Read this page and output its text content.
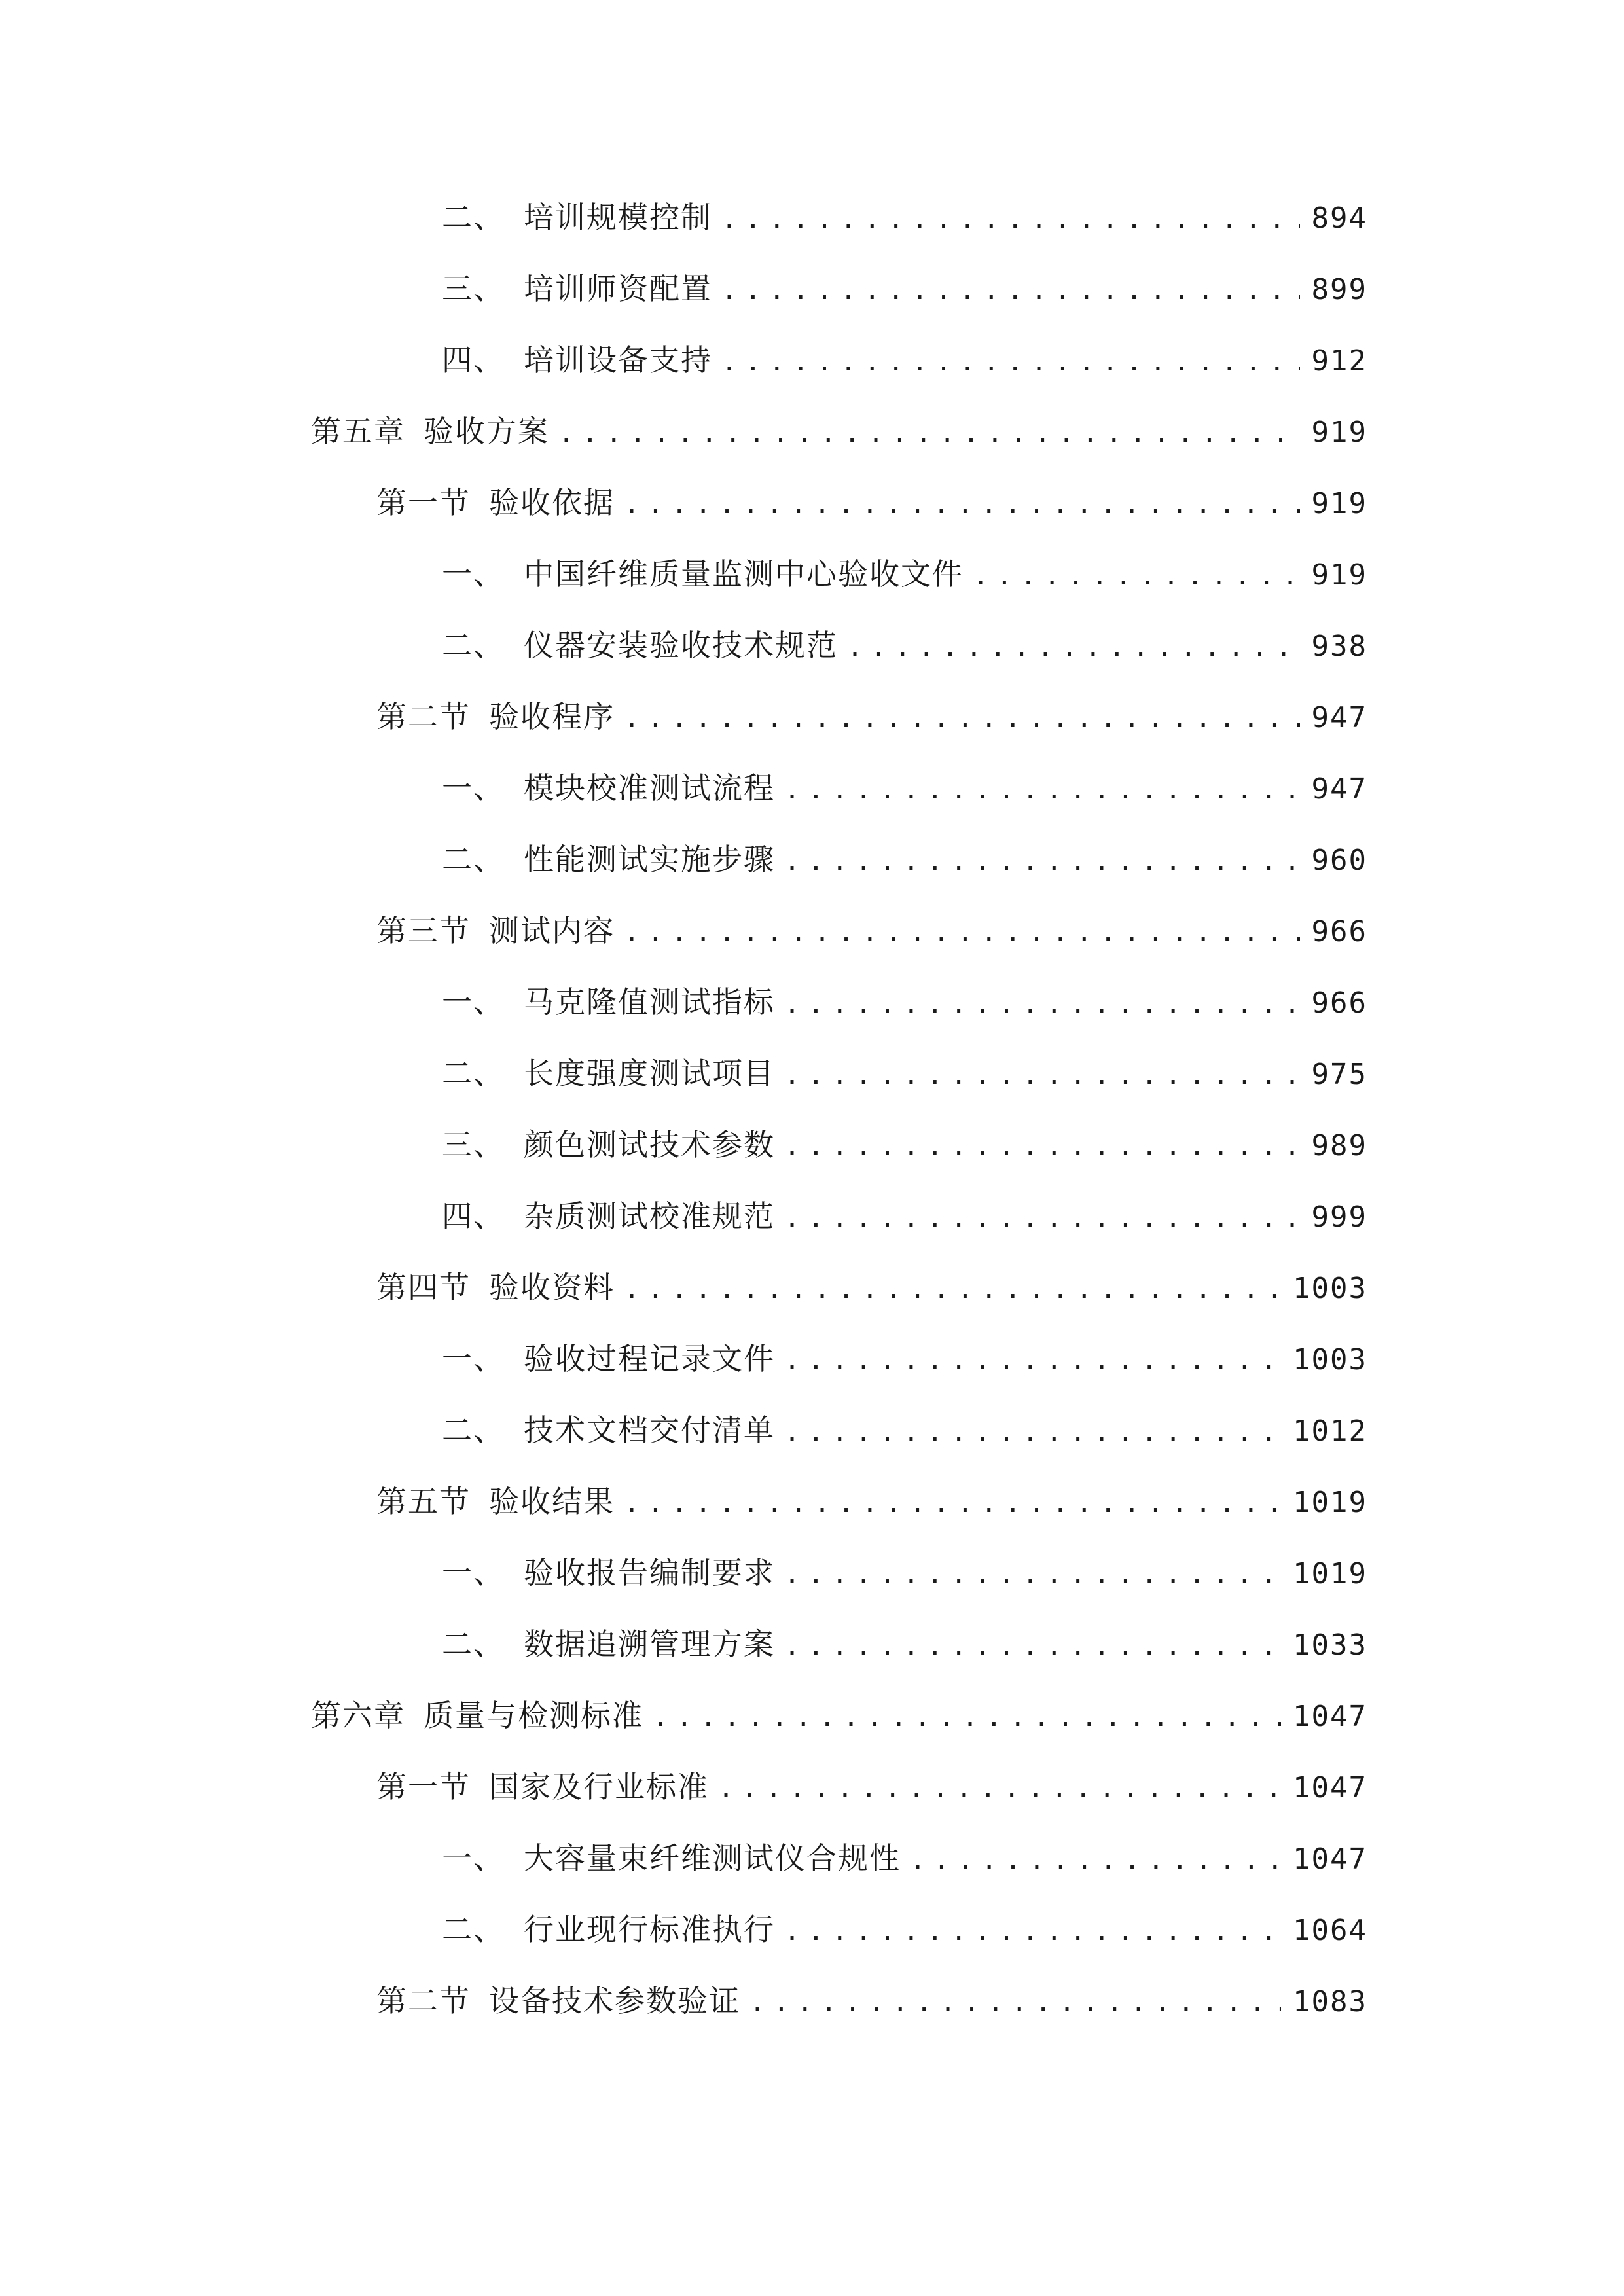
二、 培训规模控制 .....	894
三、 培训师资配置 .....	899
四、 培训设备支持 .....	912
第五章 验收方案 .....	919
第一节 验收依据 .....	919
一、 中国纤维质量监测中心验收文件 .....	919
二、 仪器安装验收技术规范 .....	938
第二节 验收程序 .....	947
一、 模块校准测试流程 .....	947
二、 性能测试实施步骤 .....	960
第三节 测试内容 .....	966
一、 马克隆值测试指标 .....	966
二、 长度强度测试项目 .....	975
三、 颜色测试技术参数 .....	989
四、 杂质测试校准规范 .....	999
第四节 验收资料 .....	1003
一、 验收过程记录文件 .....	1003
二、 技术文档交付清单 .....	1012
第五节 验收结果 .....	1019
一、 验收报告编制要求 .....	1019
二、 数据追溯管理方案 .....	1033
第六章 质量与检测标准 .....	1047
第一节 国家及行业标准 .....	1047
一、 大容量束纤维测试仪合规性 .....	1047
二、 行业现行标准执行 .....	1064
第二节 设备技术参数验证 .....	1083
